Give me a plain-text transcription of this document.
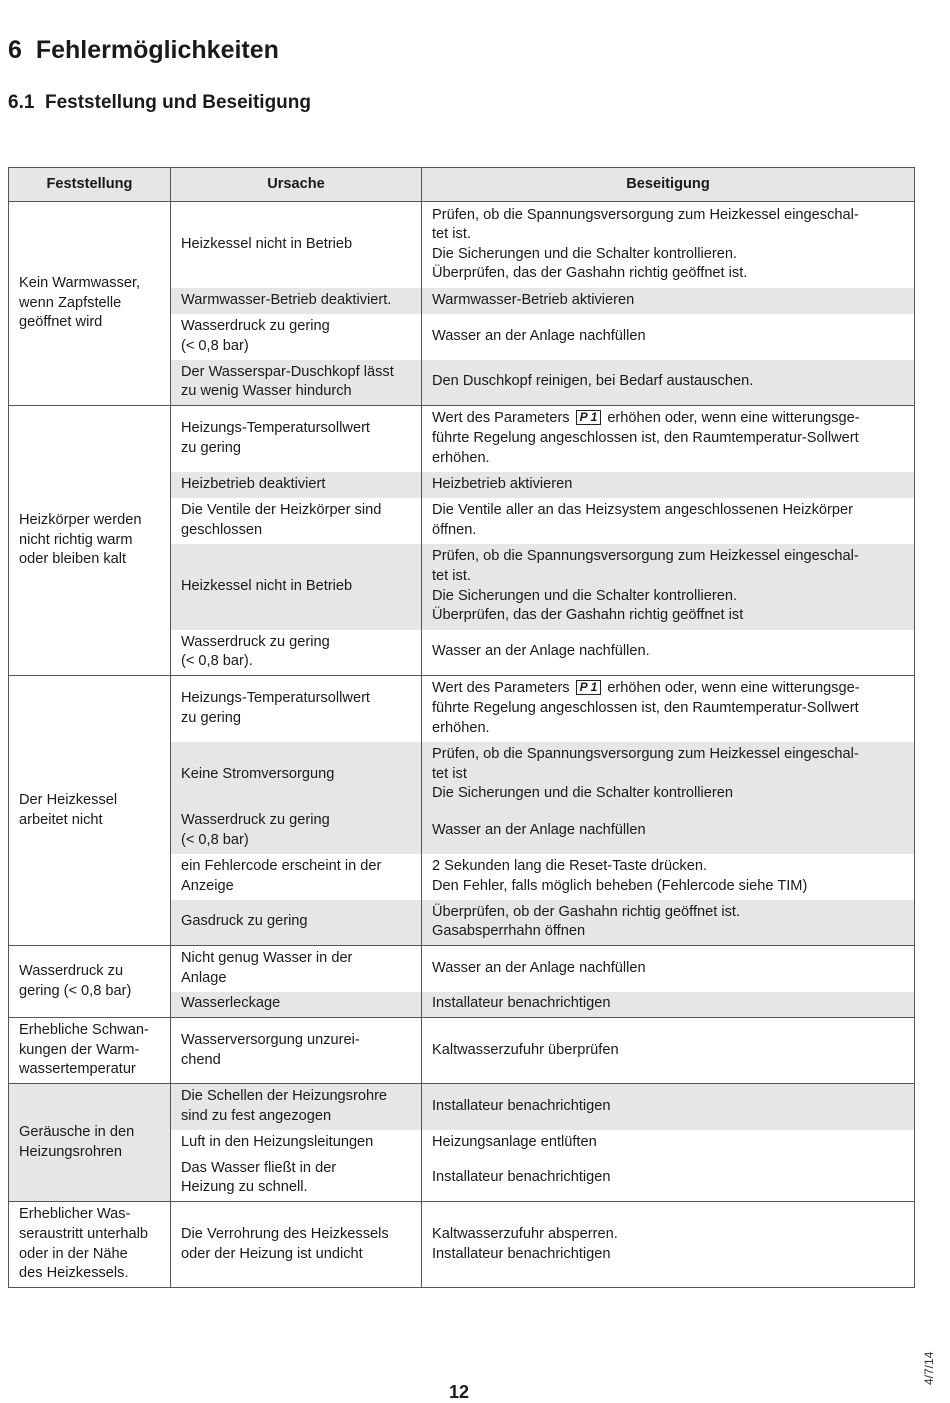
6 Fehlermöglichkeiten
6.1 Feststellung und Beseitigung
Feststellung	Ursache	Beseitigung

Kein Warmwasser,
wenn Zapfstelle
geöffnet wird	Heizkessel nicht in Betrieb	Prüfen, ob die Spannungsversorgung zum Heizkessel eingeschal-
tet ist.
Die Sicherungen und die Schalter kontrollieren.
Überprüfen, das der Gashahn richtig geöffnet ist.

	Warmwasser-Betrieb deaktiviert.	Warmwasser-Betrieb aktivieren

	Wasserdruck zu gering
(< 0,8 bar)	Wasser an der Anlage nachfüllen

	Der Wasserspar-Duschkopf lässt
zu wenig Wasser hindurch	Den Duschkopf reinigen, bei Bedarf austauschen.

Heizkörper werden
nicht richtig warm
oder bleiben kalt	Heizungs-Temperatursollwert
zu gering	Wert des Parameters P 1 erhöhen oder, wenn eine witterungsge-
führte Regelung angeschlossen ist, den Raumtemperatur-Sollwert
erhöhen.

	Heizbetrieb deaktiviert	Heizbetrieb aktivieren

	Die Ventile der Heizkörper sind
geschlossen	Die Ventile aller an das Heizsystem angeschlossenen Heizkörper
öffnen.

	Heizkessel nicht in Betrieb	Prüfen, ob die Spannungsversorgung zum Heizkessel eingeschal-
tet ist.
Die Sicherungen und die Schalter kontrollieren.
Überprüfen, das der Gashahn richtig geöffnet ist

	Wasserdruck zu gering
(< 0,8 bar).	Wasser an der Anlage nachfüllen.

Der Heizkessel
arbeitet nicht	Heizungs-Temperatursollwert
zu gering	Wert des Parameters P 1 erhöhen oder, wenn eine witterungsge-
führte Regelung angeschlossen ist, den Raumtemperatur-Sollwert
erhöhen.

	Keine Stromversorgung	Prüfen, ob die Spannungsversorgung zum Heizkessel eingeschal-
tet ist
Die Sicherungen und die Schalter kontrollieren

	Wasserdruck zu gering
(< 0,8 bar)	Wasser an der Anlage nachfüllen

	ein Fehlercode erscheint in der
Anzeige	2 Sekunden lang die Reset-Taste drücken.
Den Fehler, falls möglich beheben (Fehlercode siehe TIM)

	Gasdruck zu gering	Überprüfen, ob der Gashahn richtig geöffnet ist.
Gasabsperrhahn öffnen

Wasserdruck zu
gering (< 0,8 bar)	Nicht genug Wasser in der
Anlage	Wasser an der Anlage nachfüllen

	Wasserleckage	Installateur benachrichtigen

Erhebliche Schwan-
kungen der Warm-
wassertemperatur	Wasserversorgung unzurei-
chend	Kaltwasserzufuhr überprüfen

Geräusche in den
Heizungsrohren	Die Schellen der Heizungsrohre
sind zu fest angezogen	Installateur benachrichtigen

	Luft in den Heizungsleitungen	Heizungsanlage entlüften

	Das Wasser fließt in der
Heizung zu schnell.	Installateur benachrichtigen

Erheblicher Was-
seraustritt unterhalb
oder in der Nähe
des Heizkessels.	Die Verrohrung des Heizkessels
oder der Heizung ist undicht	Kaltwasserzufuhr absperren.
Installateur benachrichtigen
12
4/7/14
